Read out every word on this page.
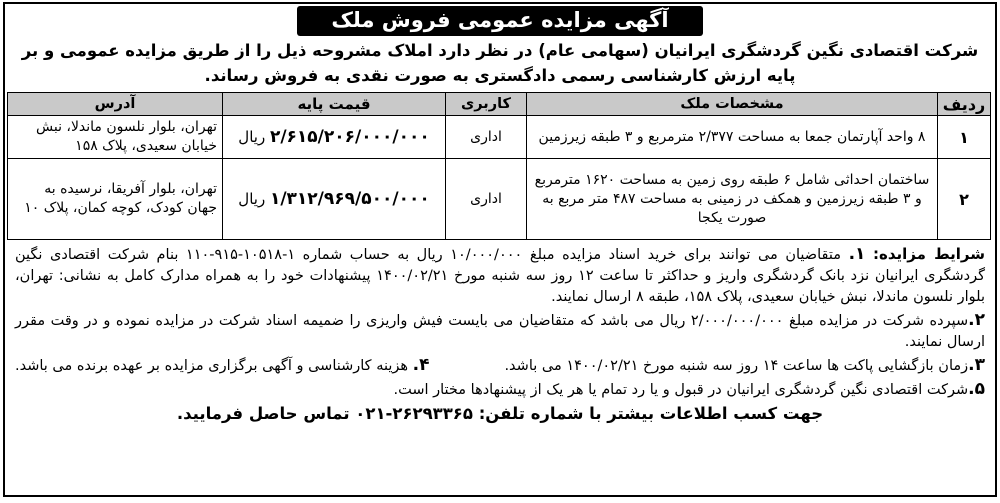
آگهی مزایده عمومی فروش ملک
شرکت اقتصادی نگین گردشگری ایرانیان (سهامی عام) در نظر دارد املاک مشروحه ذیل را از طریق مزایده عمومی و بر پایه ارزش کارشناسی رسمی دادگستری به صورت نقدی به فروش رساند.
ردیف	مشخصات ملک	کاربری	قیمت پایه	آدرس
۱	۸ واحد آپارتمان جمعا به مساحت ۲/۳۷۷ مترمربع و ۳ طبقه زیرزمین	اداری	۲/۶۱۵/۲۰۶/۰۰۰/۰۰۰ ریال	تهران، بلوار نلسون ماندلا، نبش خیابان سعیدی، پلاک ۱۵۸
۲	ساختمان احداثی شامل ۶ طبقه روی زمین به مساحت ۱۶۲۰ مترمربع و ۳ طبقه زیرزمین و همکف در زمینی به مساحت ۴۸۷ متر مربع به صورت یکجا	اداری	۱/۳۱۲/۹۶۹/۵۰۰/۰۰۰ ریال	تهران، بلوار آفریقا، نرسیده به جهان کودک، کوچه کمان، پلاک ۱۰

شرایط مزایده: ۱. متقاضیان می توانند برای خرید اسناد مزایده مبلغ ۱۰/۰۰۰/۰۰۰ ریال به حساب شماره ۱-۱۰۵۱۸-۹۱۵-۱۱۰ بنام شرکت اقتصادی نگین گردشگری ایرانیان نزد بانک گردشگری واریز و حداکثر تا ساعت ۱۲ روز سه شنبه مورخ ۱۴۰۰/۰۲/۲۱ پیشنهادات خود را به همراه مدارک کامل به نشانی: تهران، بلوار نلسون ماندلا، نبش خیابان سعیدی، پلاک ۱۵۸، طبقه ۸ ارسال نمایند.

۲.سپرده شرکت در مزایده مبلغ ۲/۰۰۰/۰۰۰/۰۰۰ ریال می باشد که متقاضیان می بایست فیش واریزی را ضمیمه اسناد شرکت در مزایده نموده و در وقت مقرر ارسال نمایند.

۳.زمان بازگشایی پاکت ها ساعت ۱۴ روز سه شنبه مورخ ۱۴۰۰/۰۲/۲۱ می باشد.

۴. هزینه کارشناسی و آگهی برگزاری مزایده بر عهده برنده می باشد.

۵.شرکت اقتصادی نگین گردشگری ایرانیان در قبول و یا رد تمام یا هر یک از پیشنهادها مختار است.

جهت کسب اطلاعات بیشتر با شماره تلفن: ۲۶۲۹۳۳۶۵-۰۲۱ تماس حاصل فرمایید.
